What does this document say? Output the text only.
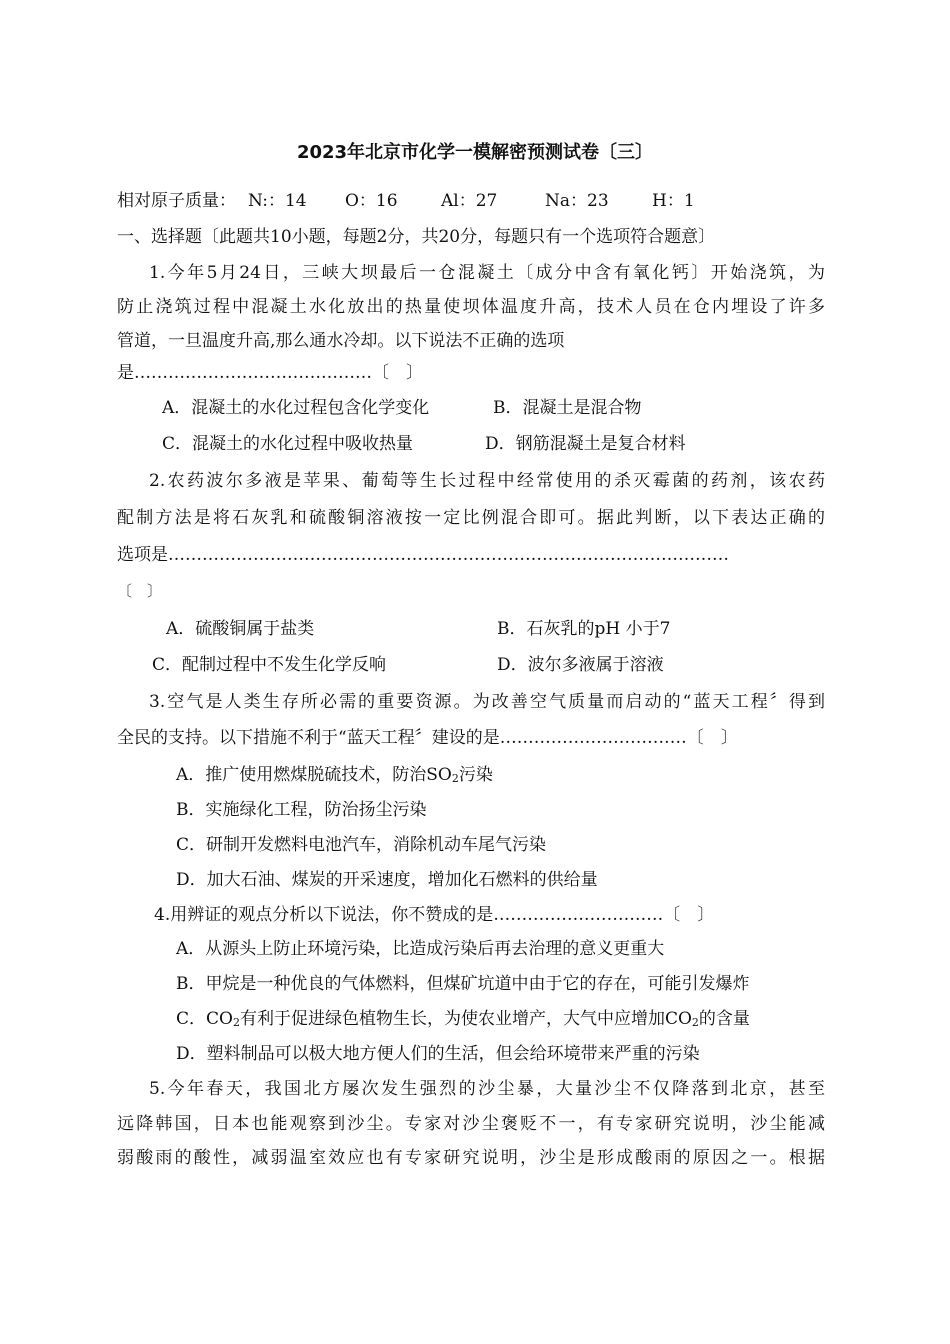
2023年北京市化学一模解密预测试卷〔三〕
相对原子质量： N:：14 O：16	Al：27	Na：23	H：1
一、选择题〔此题共10小题，每题2分，共20分，每题只有一个选项符合题意〕
1.今年5月24日，三峡大坝最后一仓混凝土〔成分中含有氧化钙〕开始浇筑，为
防止浇筑过程中混凝土水化放出的热量使坝体温度升高，技术人员在仓内埋设了许多
管道，一旦温度升高,那么通水冷却。以下说法不正确的选项
是……………………………………〔　〕
A．混凝土的水化过程包含化学变化	B．混凝土是混合物
C．混凝土的水化过程中吸收热量	D．钢筋混凝土是复合材料
2.农药波尔多液是苹果、葡萄等生长过程中经常使用的杀灭霉菌的药剂，该农药
配制方法是将石灰乳和硫酸铜溶液按一定比例混合即可。据此判断，以下表达正确的
选项是………………………………………………………………………………………
〔　〕
A．硫酸铜属于盐类	B．石灰乳的pH 小于7
C．配制过程中不发生化学反响	D．波尔多液属于溶液
3.空气是人类生存所必需的重要资源。为改善空气质量而启动的“蓝天工程〞得到
全民的支持。以下措施不利于“蓝天工程〞建设的是……………………………〔　〕
A．推广使用燃煤脱硫技术，防治$SO_2$污染
B．实施绿化工程，防治扬尘污染
C．研制开发燃料电池汽车，消除机动车尾气污染
D．加大石油、煤炭的开采速度，增加化石燃料的供给量
4.用辨证的观点分析以下说法，你不赞成的是…………………………〔　〕
A．从源头上防止环境污染，比造成污染后再去治理的意义更重大
B．甲烷是一种优良的气体燃料，但煤矿坑道中由于它的存在，可能引发爆炸
C．$CO_2$有利于促进绿色植物生长，为使农业增产，大气中应增加$CO_2$的含量
D．塑料制品可以极大地方便人们的生活，但会给环境带来严重的污染
5.今年春天，我国北方屡次发生强烈的沙尘暴，大量沙尘不仅降落到北京，甚至
远降韩国，日本也能观察到沙尘。专家对沙尘褒贬不一，有专家研究说明，沙尘能减
弱酸雨的酸性，减弱温室效应也有专家研究说明，沙尘是形成酸雨的原因之一。根据
